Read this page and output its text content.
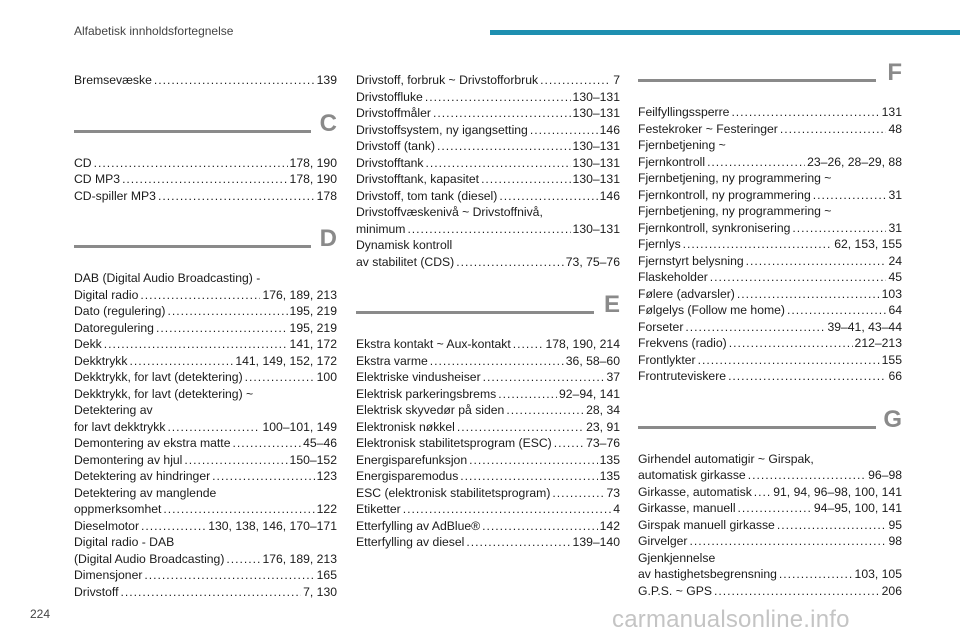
Alfabetisk innholdsfortegnelse
Bremsevæske . . .	139
C
CD . . .	178, 190
CD MP3 . . .	178, 190
CD-spiller MP3 . . .	178
D
DAB (Digital Audio Broadcasting) -
Digital radio . . .	176, 189, 213
Dato (regulering) . . .	195, 219
Datoregulering . . .	195, 219
Dekk . . .	141, 172
Dekktrykk . . .	141, 149, 152, 172
Dekktrykk, for lavt (detektering) . . .	100
Dekktrykk, for lavt (detektering) ~
Detektering av
for lavt dekktrykk . . .	100–101, 149
Demontering av ekstra matte . . .	45–46
Demontering av hjul . . .	150–152
Detektering av hindringer . . .	123
Detektering av manglende
oppmerksomhet . . .	122
Dieselmotor . . .	130, 138, 146, 170–171
Digital radio - DAB
(Digital Audio Broadcasting) . . .	176, 189, 213
Dimensjoner . . .	165
Drivstoff . . .	7, 130
Drivstoff, forbruk ~ Drivstofforbruk . . .	7
Drivstoffluke . . .	130–131
Drivstoffmåler . . .	130–131
Drivstoffsystem, ny igangsetting . . .	146
Drivstoff (tank) . . .	130–131
Drivstofftank . . .	130–131
Drivstofftank, kapasitet . . .	130–131
Drivstoff, tom tank (diesel) . . .	146
Drivstoffvæskenivå ~ Drivstoffnivå,
minimum . . .	130–131
Dynamisk kontroll
av stabilitet (CDS) . . .	73, 75–76
E
Ekstra kontakt ~ Aux-kontakt . . .	178, 190, 214
Ekstra varme . . .	36, 58–60
Elektriske vindusheiser . . .	37
Elektrisk parkeringsbrems . . .	92–94, 141
Elektrisk skyvedør på siden . . .	28, 34
Elektronisk nøkkel . . .	23, 91
Elektronisk stabilitetsprogram (ESC) . . .	73–76
Energisparefunksjon . . .	135
Energisparemodus . . .	135
ESC (elektronisk stabilitetsprogram) . . .	73
Etiketter . . .	4
Etterfylling av AdBlue® . . .	142
Etterfylling av diesel . . .	139–140
F
Feilfyllingssperre . . .	131
Festekroker ~ Festeringer . . .	48
Fjernbetjening ~
Fjernkontroll . . .	23–26, 28–29, 88
Fjernbetjening, ny programmering ~
Fjernkontroll, ny programmering . . .	31
Fjernbetjening, ny programmering ~
Fjernkontroll, synkronisering . . .	31
Fjernlys . . .	62, 153, 155
Fjernstyrt belysning . . .	24
Flaskeholder . . .	45
Følere (advarsler) . . .	103
Følgelys (Follow me home) . . .	64
Forseter . . .	39–41, 43–44
Frekvens (radio) . . .	212–213
Frontlykter . . .	155
Frontruteviskere . . .	66
G
Girhendel automatigir ~ Girspak,
automatisk girkasse . . .	96–98
Girkasse, automatisk . . . 91, 94, 96–98, 100, 141
Girkasse, manuell . . .	94–95, 100, 141
Girspak manuell girkasse . . .	95
Girvelger . . .	98
Gjenkjennelse
av hastighetsbegrensning . . .	103, 105
G.P.S. ~ GPS . . .	206
224	carmanualsonline.info
